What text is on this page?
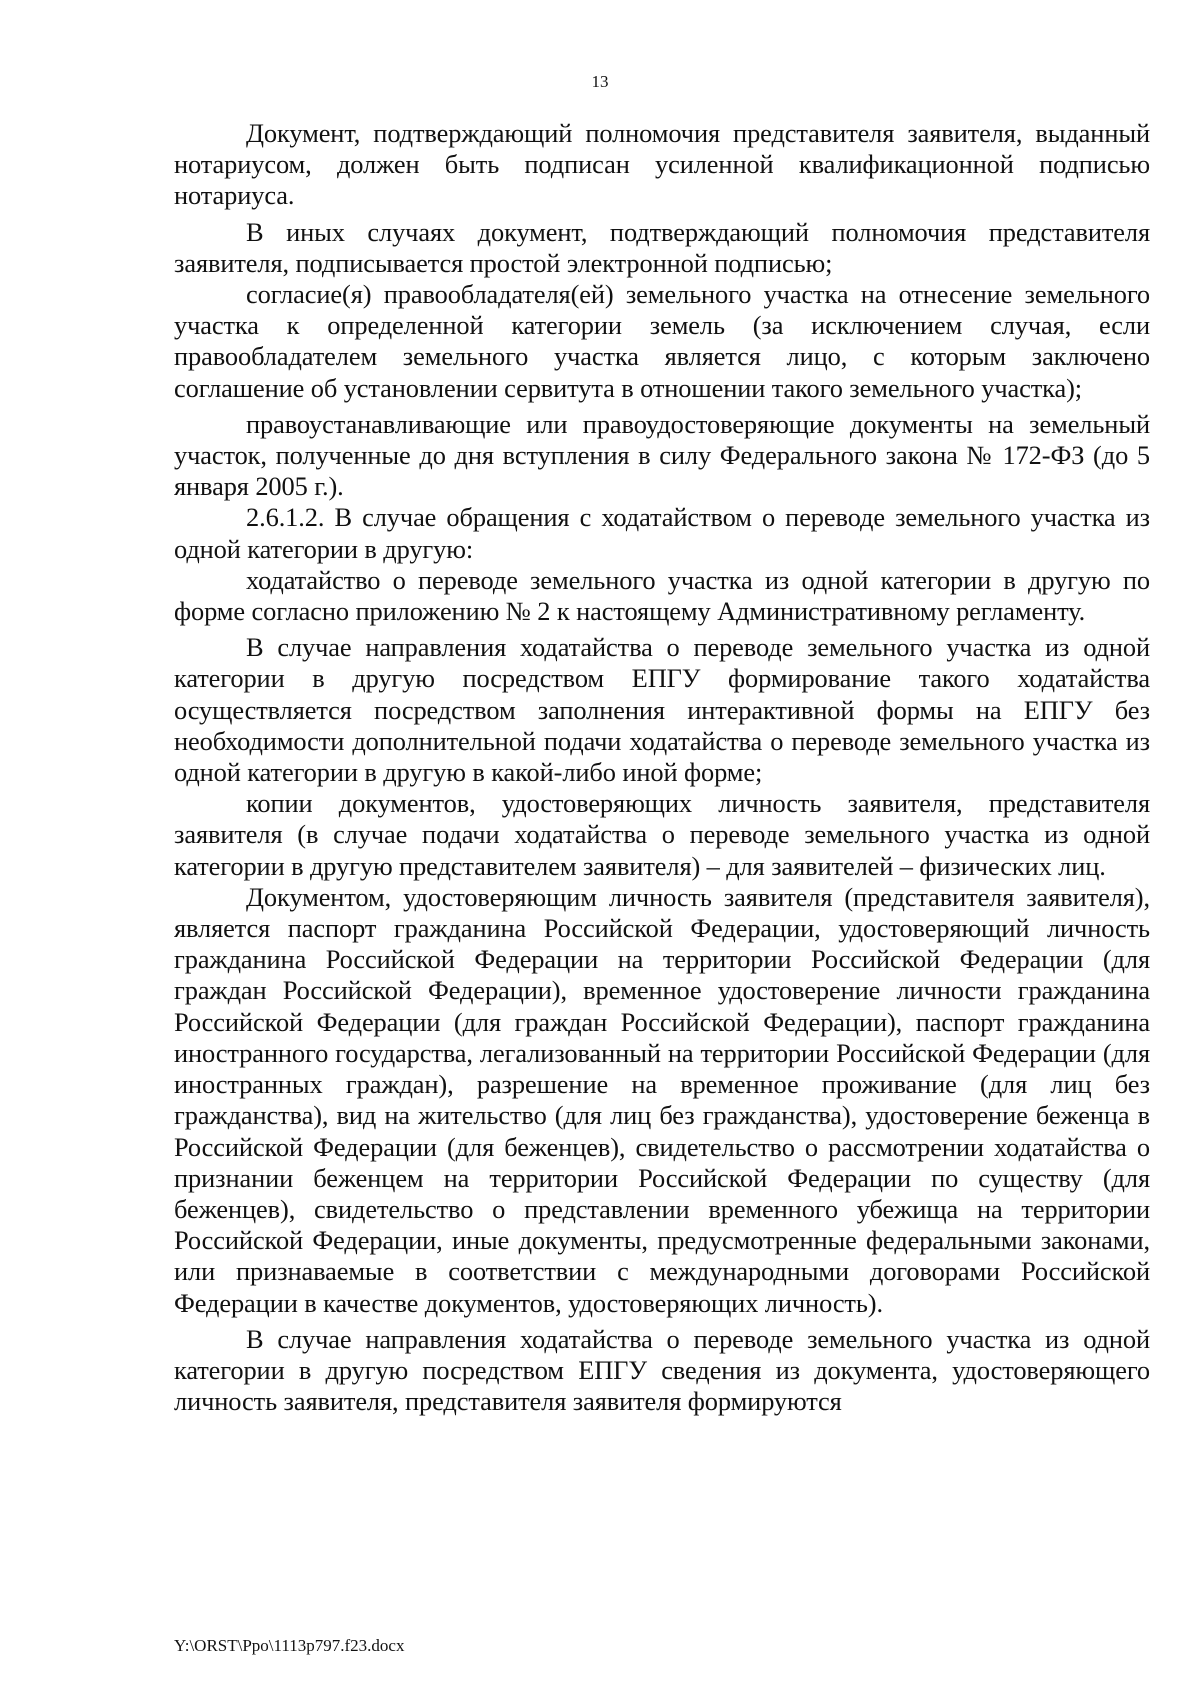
13

Документ, подтверждающий полномочия представителя заявителя, выданный нотариусом, должен быть подписан усиленной квалификационной подписью нотариуса.

В иных случаях документ, подтверждающий полномочия представителя заявителя, подписывается простой электронной подписью;

согласие(я) правообладателя(ей) земельного участка на отнесение земельного участка к определенной категории земель (за исключением случая, если правообладателем земельного участка является лицо, с которым заключено соглашение об установлении сервитута в отношении такого земельного участка);

правоустанавливающие или правоудостоверяющие документы на земельный участок, полученные до дня вступления в силу Федерального закона № 172-ФЗ (до 5 января 2005 г.).

2.6.1.2. В случае обращения с ходатайством о переводе земельного участка из одной категории в другую:

ходатайство о переводе земельного участка из одной категории в другую по форме согласно приложению № 2 к настоящему Административному регламенту.

В случае направления ходатайства о переводе земельного участка из одной категории в другую посредством ЕПГУ формирование такого ходатайства осуществляется посредством заполнения интерактивной формы на ЕПГУ без необходимости дополнительной подачи ходатайства о переводе земельного участка из одной категории в другую в какой-либо иной форме;

копии документов, удостоверяющих личность заявителя, представителя заявителя (в случае подачи ходатайства о переводе земельного участка из одной категории в другую представителем заявителя) – для заявителей – физических лиц.

Документом, удостоверяющим личность заявителя (представителя заявителя), является паспорт гражданина Российской Федерации, удостоверяющий личность гражданина Российской Федерации на территории Российской Федерации (для граждан Российской Федерации), временное удостоверение личности гражданина Российской Федерации (для граждан Российской Федерации), паспорт гражданина иностранного государства, легализованный на территории Российской Федерации (для иностранных граждан), разрешение на временное проживание (для лиц без гражданства), вид на жительство (для лиц без гражданства), удостоверение беженца в Российской Федерации (для беженцев), свидетельство о рассмотрении ходатайства о признании беженцем на территории Российской Федерации по существу (для беженцев), свидетельство о представлении временного убежища на территории Российской Федерации, иные документы, предусмотренные федеральными законами, или признаваемые в соответствии с международными договорами Российской Федерации в качестве документов, удостоверяющих личность).

В случае направления ходатайства о переводе земельного участка из одной категории в другую посредством ЕПГУ сведения из документа, удостоверяющего личность заявителя, представителя заявителя формируются

Y:\ORST\Ppo\1113p797.f23.docx
